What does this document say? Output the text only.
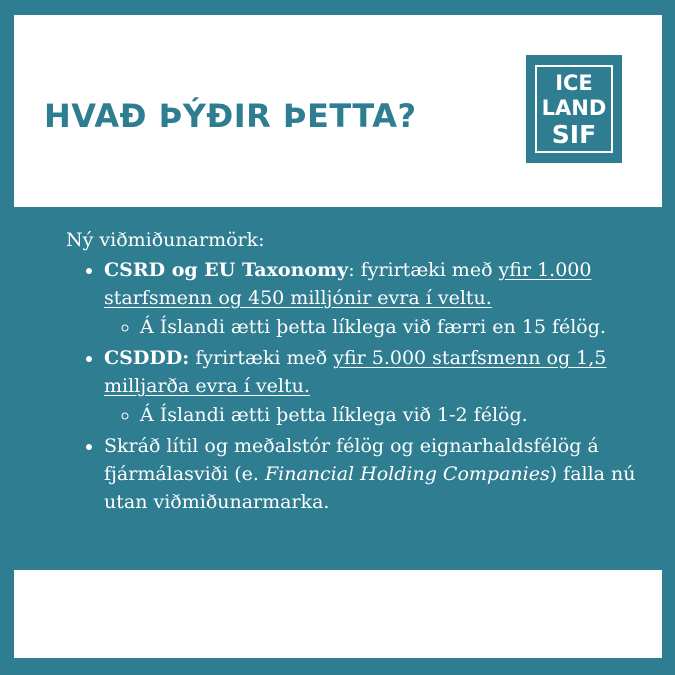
HVAÐ ÞÝÐIR ÞETTA?
ICE
LAND
SIF

Ný viðmiðunarmörk:

• CSRD og EU Taxonomy: fyrirtæki með yfir 1.000 starfsmenn og 450 milljónir evra í veltu.
◦ Á Íslandi ætti þetta líklega við færri en 15 félög.
• CSDDD: fyrirtæki með yfir 5.000 starfsmenn og 1,5 milljarða evra í veltu.
◦ Á Íslandi ætti þetta líklega við 1-2 félög.
• Skráð lítil og meðalstór félög og eignarhaldsfélög á fjármálasviði (e. Financial Holding Companies) falla nú utan viðmiðunarmarka.
